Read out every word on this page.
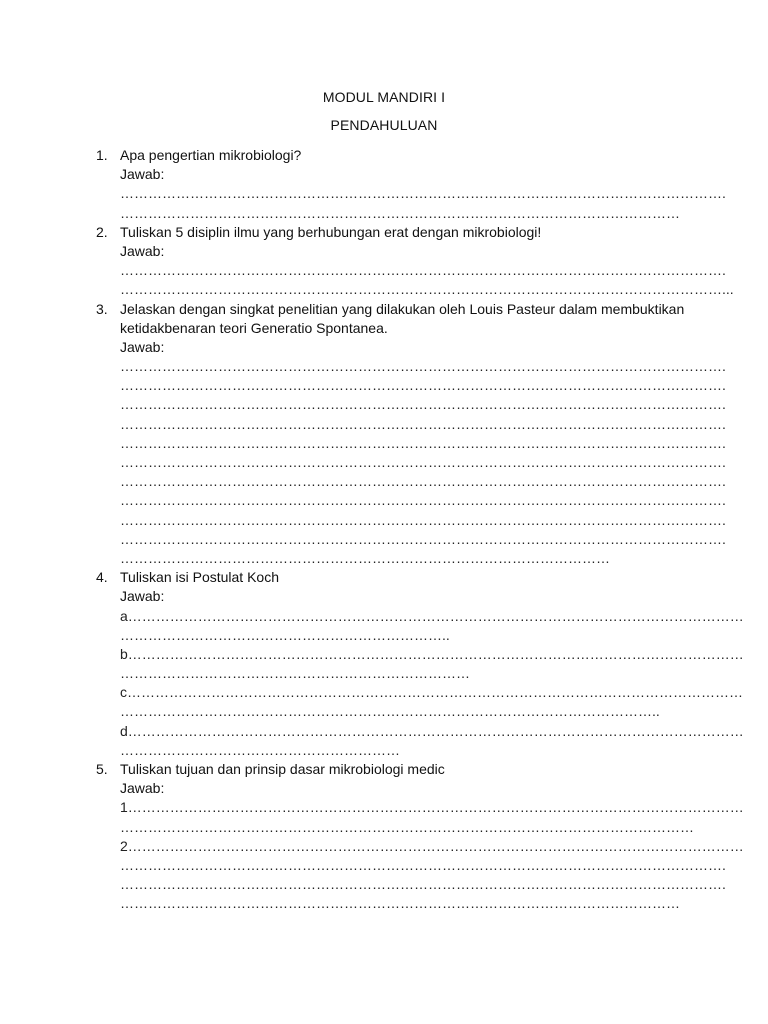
MODUL MANDIRI I
PENDAHULUAN
1. Apa pengertian mikrobiologi?
Jawab:
………………………………………………………………………………………………………………….
…………………………………………………………………………………………………………
2. Tuliskan 5 disiplin ilmu yang berhubungan erat dengan mikrobiologi!
Jawab:
………………………………………………………………………………………………………………….
…………………………………………………………………………………………………………………...
3. Jelaskan dengan singkat penelitian yang dilakukan oleh Louis Pasteur dalam membuktikan
ketidakbenaran teori Generatio Spontanea.
Jawab:
………………………………………………………………………………………………………………….
………………………………………………………………………………………………………………….
………………………………………………………………………………………………………………….
………………………………………………………………………………………………………………….
………………………………………………………………………………………………………………….
………………………………………………………………………………………………………………….
………………………………………………………………………………………………………………….
………………………………………………………………………………………………………………….
………………………………………………………………………………………………………………….
………………………………………………………………………………………………………………….
……………………………………………………………………………………………
4. Tuliskan isi Postulat Koch
Jawab:
a……………………………………………………………………………………………………………………
……………………………………………………………..
b……………………………………………………………………………………………………………………
…………………………………………………………………
c……………………………………………………………………………………………………………………
……………………………………………………………………………………………………..
d……………………………………………………………………………………………………………………
……………………………………………………
5. Tuliskan tujuan dan prinsip dasar mikrobiologi medic
Jawab:
1……………………………………………………………………………………………………………………
……………………………………………………………………………………………………………
2……………………………………………………………………………………………………………………
………………………………………………………………………………………………………………….
………………………………………………………………………………………………………………….
…………………………………………………………………………………………………………
